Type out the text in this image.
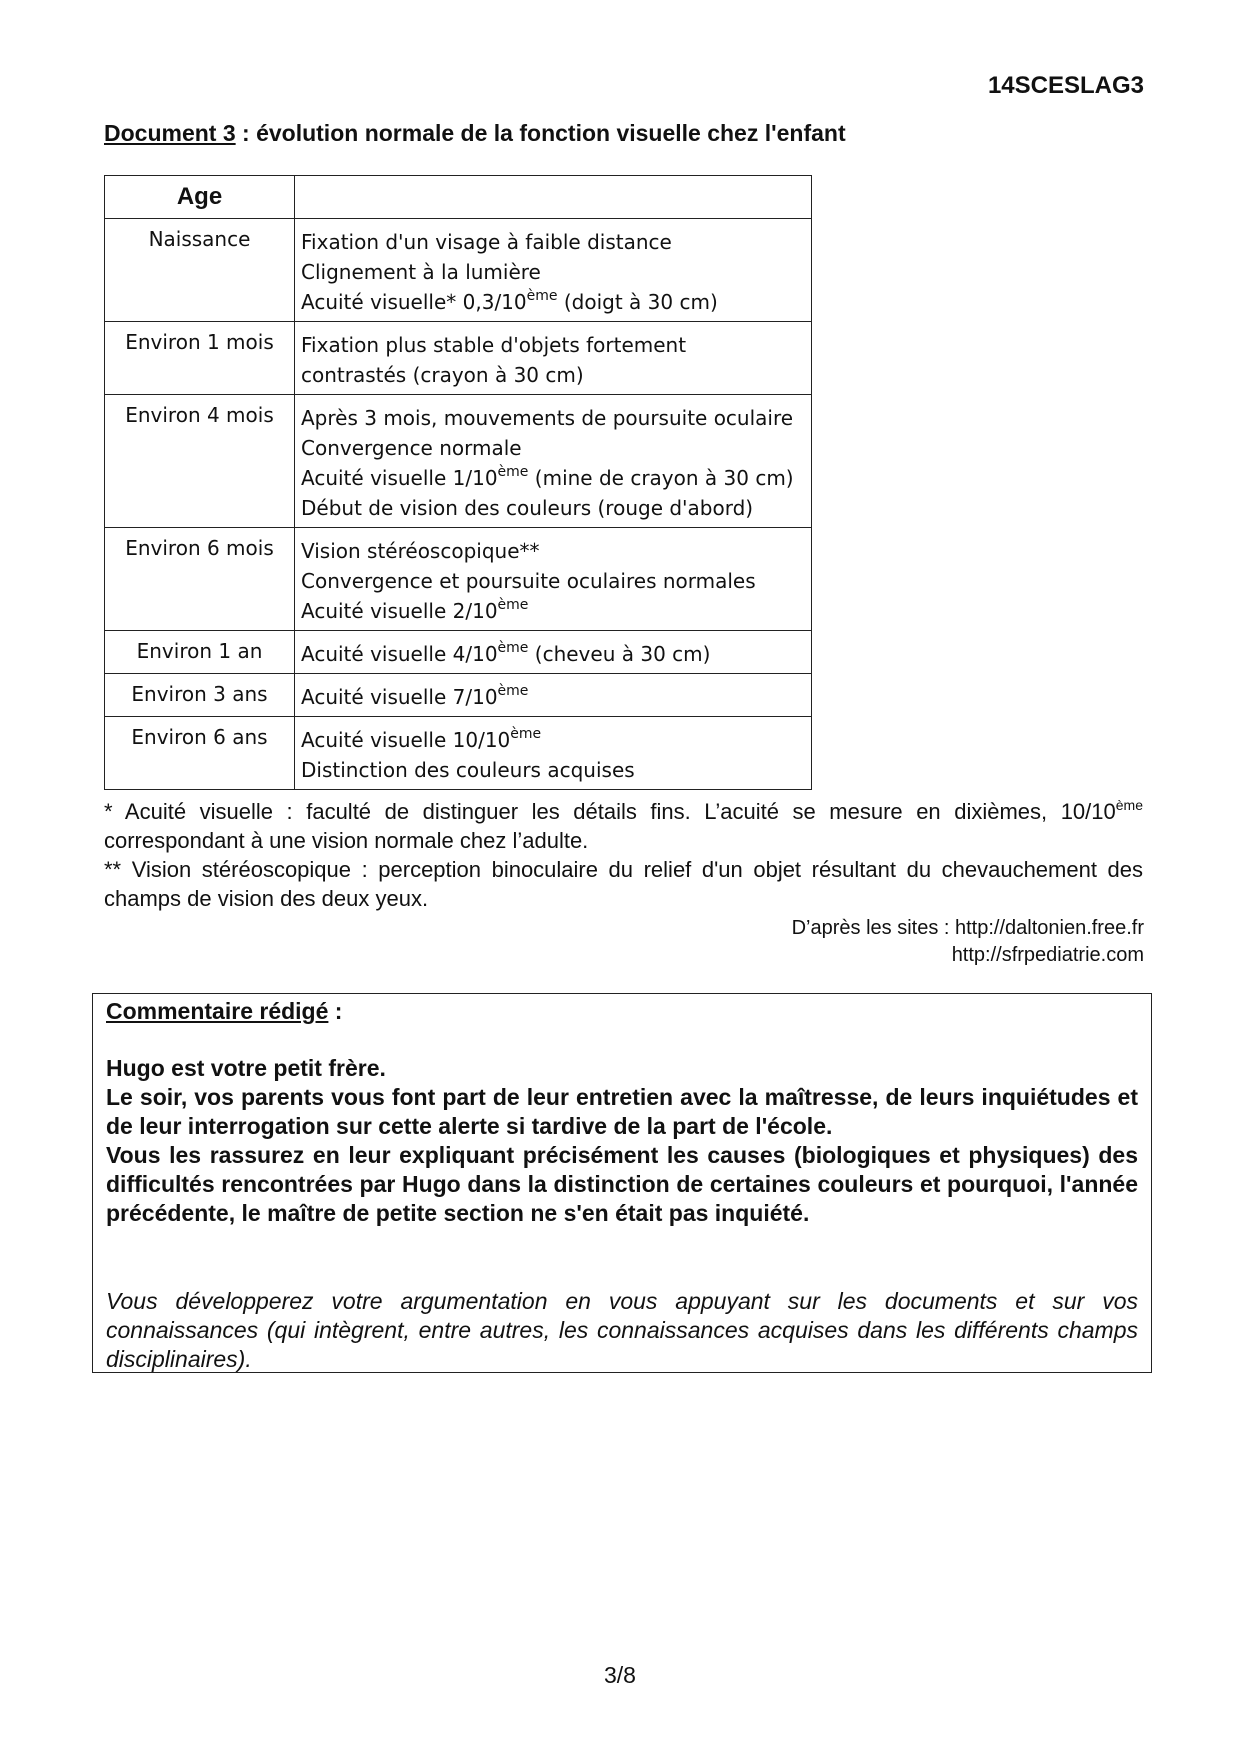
14SCESLAG3
Document 3 : évolution normale de la fonction visuelle chez l'enfant
Age	
Naissance	Fixation d'un visage à faible distance
Clignement à la lumière
Acuité visuelle* 0,3/10ème (doigt à 30 cm)

Environ 1 mois	Fixation plus stable d'objets fortement
contrastés (crayon à 30 cm)

Environ 4 mois	Après 3 mois, mouvements de poursuite oculaire
Convergence normale
Acuité visuelle 1/10ème (mine de crayon à 30 cm)
Début de vision des couleurs (rouge d'abord)

Environ 6 mois	Vision stéréoscopique**
Convergence et poursuite oculaires normales
Acuité visuelle 2/10ème

Environ 1 an	Acuité visuelle 4/10ème (cheveu à 30 cm)

Environ 3 ans	Acuité visuelle 7/10ème

Environ 6 ans	Acuité visuelle 10/10ème
Distinction des couleurs acquises

* Acuité visuelle : faculté de distinguer les détails fins. L’acuité se mesure en dixièmes, 10/10ème correspondant à une vision normale chez l’adulte.

** Vision stéréoscopique : perception binoculaire du relief d'un objet résultant du chevauchement des champs de vision des deux yeux.

D’après les sites : http://daltonien.free.fr
http://sfrpediatrie.com
Commentaire rédigé :

Hugo est votre petit frère.

Le soir, vos parents vous font part de leur entretien avec la maîtresse, de leurs inquiétudes et de leur interrogation sur cette alerte si tardive de la part de l'école.

Vous les rassurez en leur expliquant précisément les causes (biologiques et physiques) des difficultés rencontrées par Hugo dans la distinction de certaines couleurs et pourquoi, l'année précédente, le maître de petite section ne s'en était pas inquiété.

Vous développerez votre argumentation en vous appuyant sur les documents et sur vos connaissances (qui intègrent, entre autres, les connaissances acquises dans les différents champs disciplinaires).
3/8
